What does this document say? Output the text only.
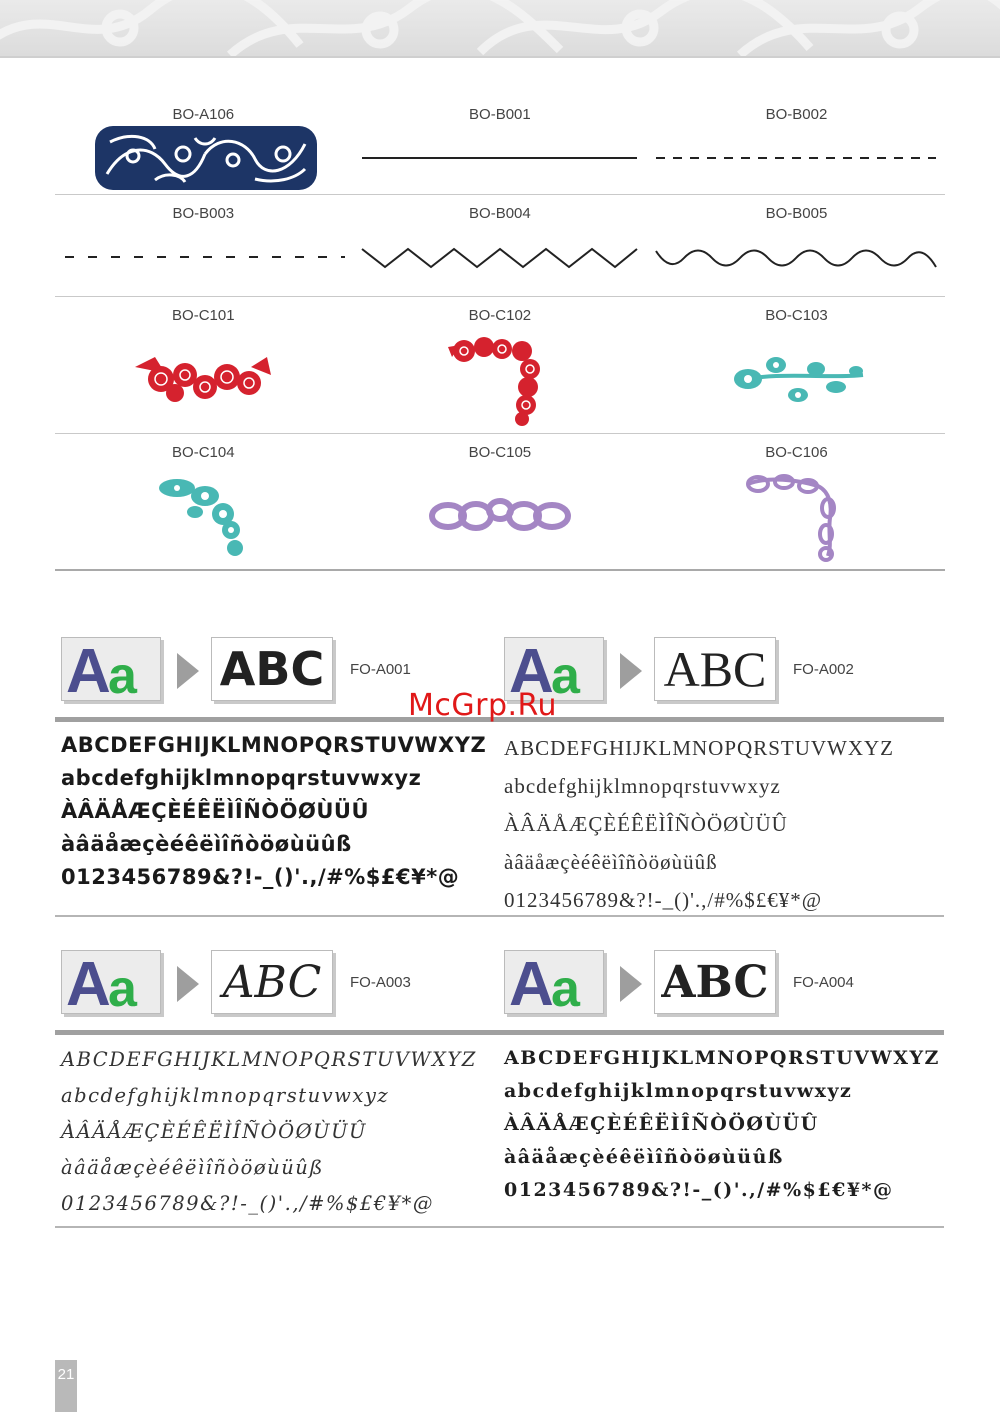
BO-A106	BO-B001	BO-B002
BO-B003	BO-B004	BO-B005
BO-C101	BO-C102	BO-C103
BO-C104	BO-C105	BO-C106
A a ABC FO-A001
ABCDEFGHIJKLMNOPQRSTUVWXYZ
abcdefghijklmnopqrstuvwxyz
ÀÂÄÅÆÇÈÉÊËÌÎÑÒÖØÙÜÛ
àâäåæçèéêëìîñòöøùüûß
0123456789&?!-_()'.,/#%$£€¥*@
A a ABC FO-A002
ABCDEFGHIJKLMNOPQRSTUVWXYZ
abcdefghijklmnopqrstuvwxyz
ÀÂÄÅÆÇÈÉÊËÌÎÑÒÖØÙÜÛ
àâäåæçèéêëìîñòöøùüûß
0123456789&?!-_()'.,/#%$£€¥*@
A a ABC FO-A003
ABCDEFGHIJKLMNOPQRSTUVWXYZ
abcdefghijklmnopqrstuvwxyz
ÀÂÄÅÆÇÈÉÊËÌÎÑÒÖØÙÜÛ
àâäåæçèéêëìîñòöøùüûß
0123456789&?!-_()'.,/#%$£€¥*@
A a ABC FO-A004
ABCDEFGHIJKLMNOPQRSTUVWXYZ
abcdefghijklmnopqrstuvwxyz
ÀÂÄÅÆÇÈÉÊËÌÎÑÒÖØÙÜÛ
àâäåæçèéêëìîñòöøùüûß
0123456789&?!-_()'.,/#%$£€¥*@
McGrp.Ru
21
